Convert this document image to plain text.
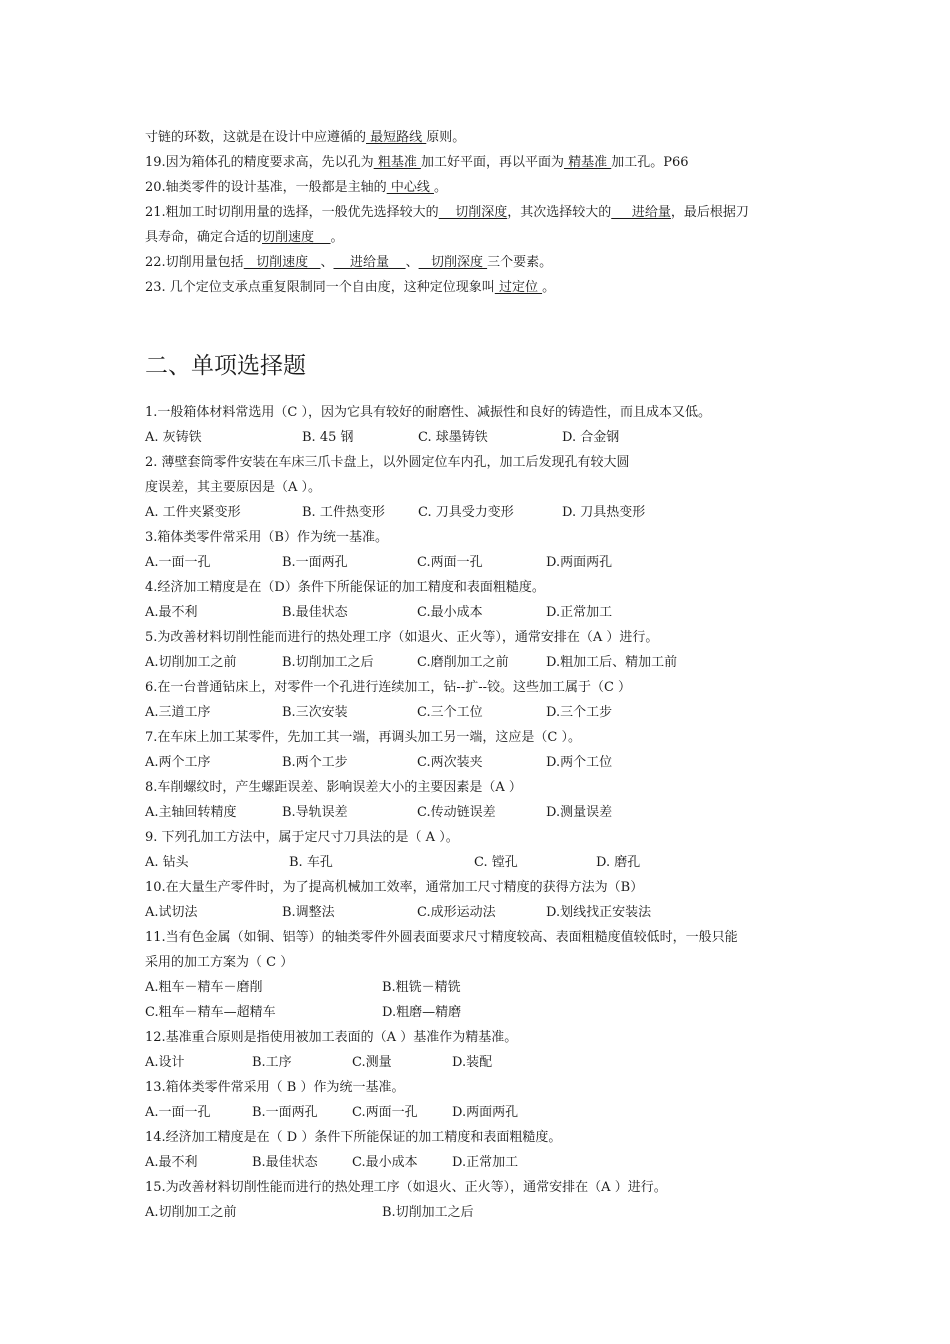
寸链的环数，这就是在设计中应遵循的 最短路线 原则。
19.因为箱体孔的精度要求高，先以孔为 粗基准 加工好平面，再以平面为 精基准 加工孔。P66
20.轴类零件的设计基准，一般都是主轴的 中心线 。
21.粗加工时切削用量的选择，一般优先选择较大的    切削深度，其次选择较大的     进给量，最后根据刀
具寿命，确定合适的切削速度    。
22.切削用量包括   切削速度   、    进给量    、   切削深度 三个要素。
23. 几个定位支承点重复限制同一个自由度，这种定位现象叫 过定位 。
二、单项选择题
1.一般箱体材料常选用（C ），因为它具有较好的耐磨性、减振性和良好的铸造性，而且成本又低。
A. 灰铸铁	B. 45 钢	C. 球墨铸铁	D. 合金钢
2. 薄壁套筒零件安装在车床三爪卡盘上，以外圆定位车内孔，加工后发现孔有较大圆
度误差，其主要原因是（A ）。
A. 工件夹紧变形	B. 工件热变形	C. 刀具受力变形	D. 刀具热变形
3.箱体类零件常采用（B）作为统一基准。
A.一面一孔	B.一面两孔	C.两面一孔	D.两面两孔
4.经济加工精度是在（D）条件下所能保证的加工精度和表面粗糙度。
A.最不利	B.最佳状态	C.最小成本	D.正常加工
5.为改善材料切削性能而进行的热处理工序（如退火、正火等），通常安排在（A ）进行。
A.切削加工之前	B.切削加工之后	C.磨削加工之前	D.粗加工后、精加工前
6.在一台普通钻床上，对零件一个孔进行连续加工，钻--扩--铰。这些加工属于（C ）
A.三道工序	B.三次安装	C.三个工位	D.三个工步
7.在车床上加工某零件，先加工其一端，再调头加工另一端，这应是（C ）。
A.两个工序	B.两个工步	C.两次装夹	D.两个工位
8.车削螺纹时，产生螺距误差、影响误差大小的主要因素是（A ）
A.主轴回转精度	B.导轨误差	C.传动链误差	D.测量误差
9. 下列孔加工方法中，属于定尺寸刀具法的是（ A ）。
A. 钻头	B. 车孔	C. 镗孔	D. 磨孔
10.在大量生产零件时，为了提高机械加工效率，通常加工尺寸精度的获得方法为（B）
A.试切法	B.调整法	C.成形运动法	D.划线找正安装法
11.当有色金属（如铜、铝等）的轴类零件外圆表面要求尺寸精度较高、表面粗糙度值较低时，一般只能
采用的加工方案为（ C ）
A.粗车－精车－磨削	B.粗铣－精铣
C.粗车－精车—超精车	D.粗磨—精磨
12.基准重合原则是指使用被加工表面的（A ）基准作为精基准。
A.设计	B.工序	C.测量	D.装配
13.箱体类零件常采用（ B ）作为统一基准。
A.一面一孔	B.一面两孔	C.两面一孔	D.两面两孔
14.经济加工精度是在（ D ）条件下所能保证的加工精度和表面粗糙度。
A.最不利	B.最佳状态	C.最小成本	D.正常加工
15.为改善材料切削性能而进行的热处理工序（如退火、正火等），通常安排在（A ）进行。
A.切削加工之前	B.切削加工之后
